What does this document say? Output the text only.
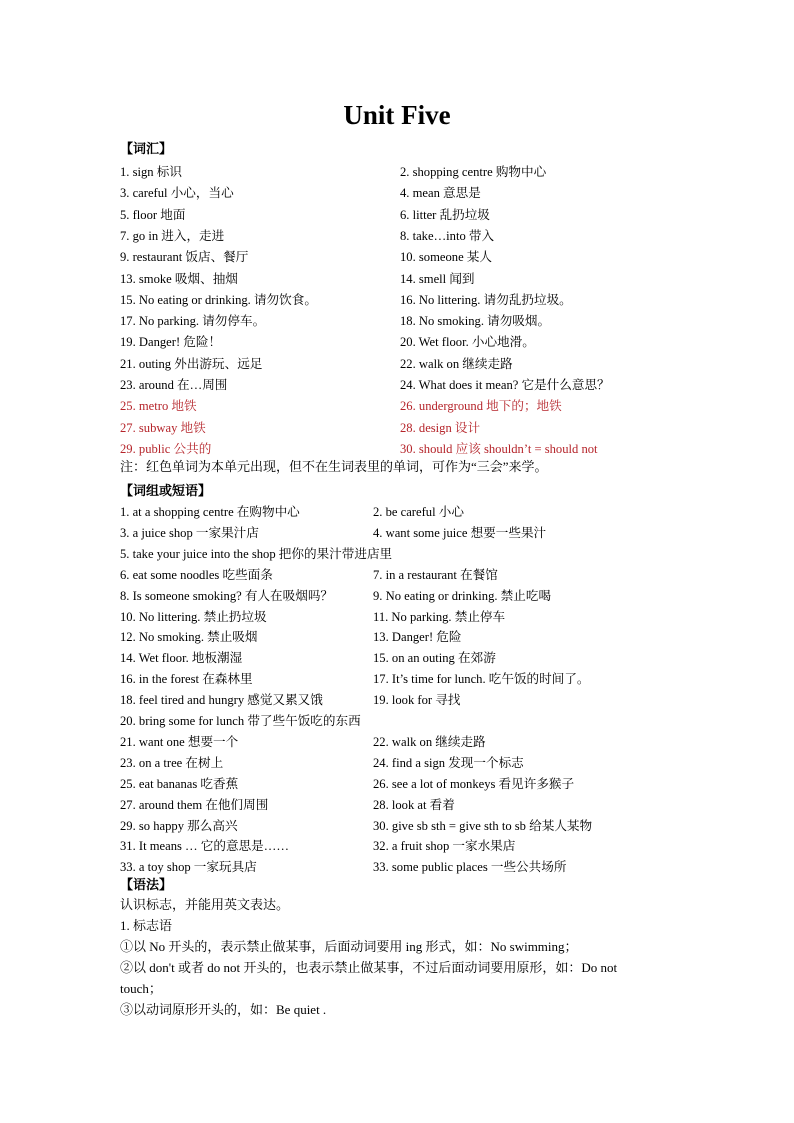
Unit Five
【词汇】
1. sign 标识	2. shopping centre 购物中心
3. careful 小心，当心	4. mean 意思是
5. floor 地面	6. litter 乱扔垃圾
7. go in 进入，走进	8. take…into 带入
9. restaurant 饭店、餐厅	10. someone 某人
13. smoke 吸烟、抽烟	14. smell 闻到
15. No eating or drinking. 请勿饮食。	16. No littering. 请勿乱扔垃圾。
17. No parking. 请勿停车。	18. No smoking. 请勿吸烟。
19. Danger! 危险！	20. Wet floor. 小心地滑。
21. outing 外出游玩、远足	22. walk on 继续走路
23. around 在…周围	24. What does it mean? 它是什么意思？
25. metro 地铁	26. underground 地下的；地铁
27. subway 地铁	28. design 设计
29. public 公共的	30. should 应该 shouldn’t = should not
注：红色单词为本单元出现，但不在生词表里的单词，可作为“三会”来学。
【词组或短语】
1. at a shopping centre 在购物中心	2. be careful 小心
3. a juice shop 一家果汁店	4. want some juice 想要一些果汁
5. take your juice into the shop 把你的果汁带进店里
6. eat some noodles 吃些面条	7. in a restaurant 在餐馆
8. Is someone smoking? 有人在吸烟吗？	9. No eating or drinking. 禁止吃喝
10. No littering. 禁止扔垃圾	11. No parking. 禁止停车
12. No smoking. 禁止吸烟	13. Danger! 危险
14. Wet floor. 地板潮湿	15. on an outing 在郊游
16. in the forest 在森林里	17. It’s time for lunch. 吃午饭的时间了。
18. feel tired and hungry 感觉又累又饿	19. look for 寻找
20. bring some for lunch 带了些午饭吃的东西
21. want one 想要一个	22. walk on 继续走路
23. on a tree 在树上	24. find a sign 发现一个标志
25. eat bananas 吃香蕉	26. see a lot of monkeys 看见许多猴子
27. around them 在他们周围	28. look at 看着
29. so happy 那么高兴	30. give sb sth = give sth to sb 给某人某物
31. It means … 它的意思是……	32. a fruit shop 一家水果店
33. a toy shop 一家玩具店	33. some public places 一些公共场所
【语法】
认识标志，并能用英文表达。
1. 标志语
①以 No 开头的，表示禁止做某事，后面动词要用 ing 形式，如：No swimming；
②以 don't 或者 do not 开头的，也表示禁止做某事，不过后面动词要用原形，如：Do not
touch；
③以动词原形开头的，如：Be quiet .
